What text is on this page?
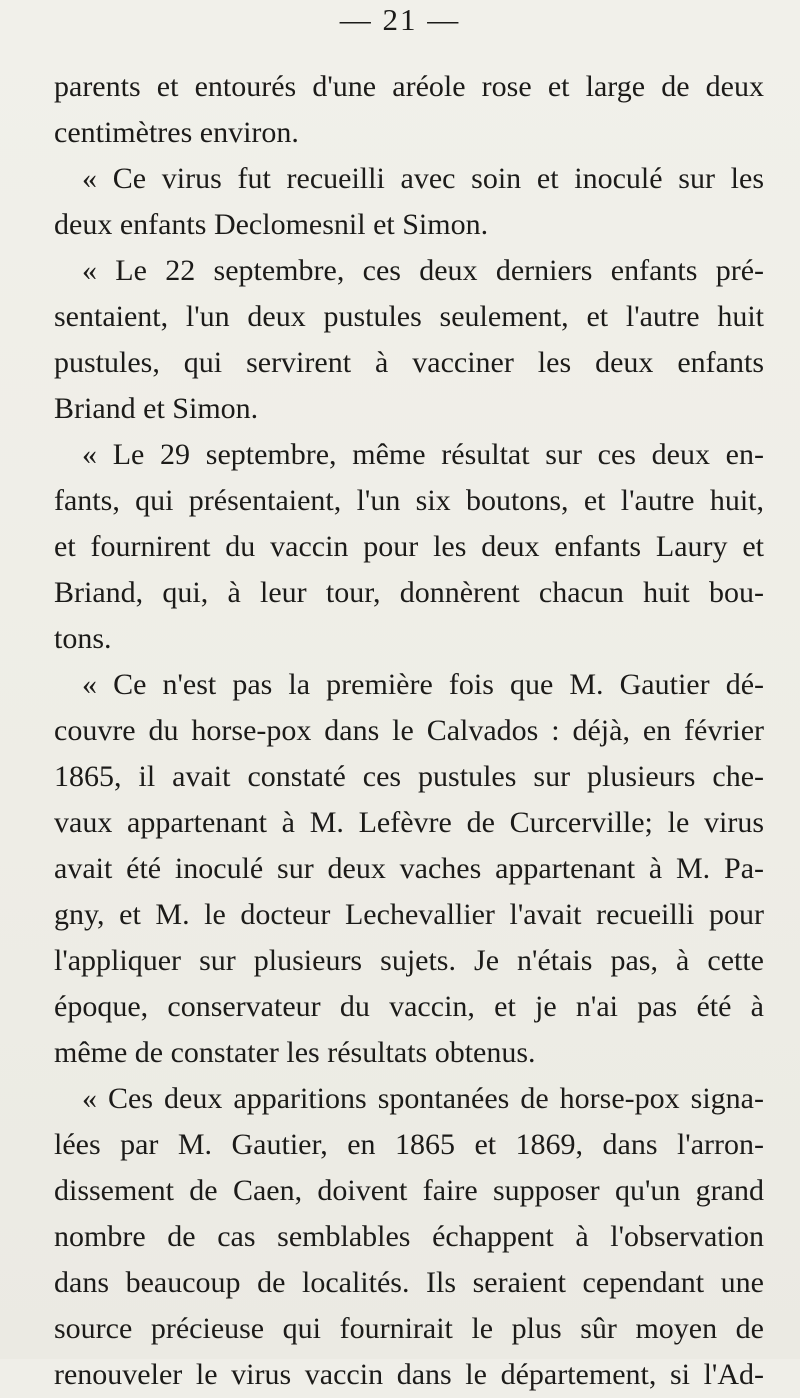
— 21 —
parents et entourés d'une aréole rose et large de deux
centimètres environ.
« Ce virus fut recueilli avec soin et inoculé sur les
deux enfants Declomesnil et Simon.
« Le 22 septembre, ces deux derniers enfants pré-
sentaient, l'un deux pustules seulement, et l'autre huit
pustules, qui servirent à vacciner les deux enfants
Briand et Simon.
« Le 29 septembre, même résultat sur ces deux en-
fants, qui présentaient, l'un six boutons, et l'autre huit,
et fournirent du vaccin pour les deux enfants Laury et
Briand, qui, à leur tour, donnèrent chacun huit bou-
tons.
« Ce n'est pas la première fois que M. Gautier dé-
couvre du horse-pox dans le Calvados : déjà, en février
1865, il avait constaté ces pustules sur plusieurs che-
vaux appartenant à M. Lefèvre de Curcerville; le virus
avait été inoculé sur deux vaches appartenant à M. Pa-
gny, et M. le docteur Lechevallier l'avait recueilli pour
l'appliquer sur plusieurs sujets. Je n'étais pas, à cette
époque, conservateur du vaccin, et je n'ai pas été à
même de constater les résultats obtenus.
« Ces deux apparitions spontanées de horse-pox signa-
lées par M. Gautier, en 1865 et 1869, dans l'arron-
dissement de Caen, doivent faire supposer qu'un grand
nombre de cas semblables échappent à l'observation
dans beaucoup de localités. Ils seraient cependant une
source précieuse qui fournirait le plus sûr moyen de
renouveler le virus vaccin dans le département, si l'Ad-
